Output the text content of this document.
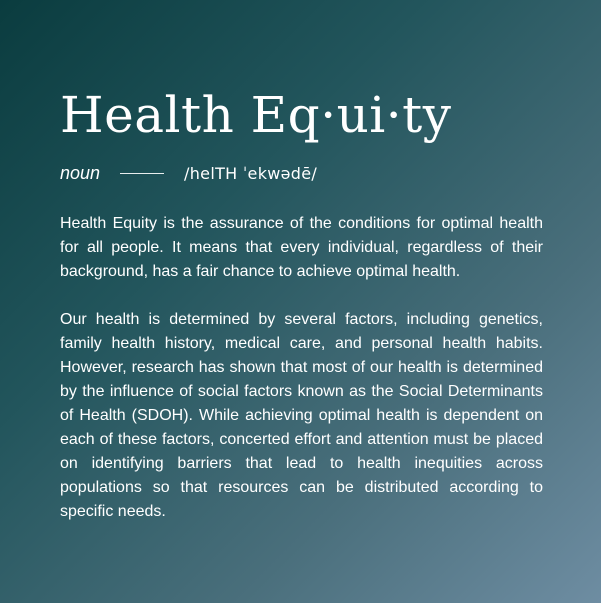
Health Eq·ui·ty
noun	/helTH ˈekwədē/

Health Equity is the assurance of the conditions for optimal health for all people. It means that every individual, regardless of their background, has a fair chance to achieve optimal health.

Our health is determined by several factors, including genetics, family health history, medical care, and personal health habits. However, research has shown that most of our health is determined by the influence of social factors known as the Social Determinants of Health (SDOH). While achieving optimal health is dependent on each of these factors, concerted effort and attention must be placed on identifying barriers that lead to health inequities across populations so that resources can be distributed according to specific needs.
